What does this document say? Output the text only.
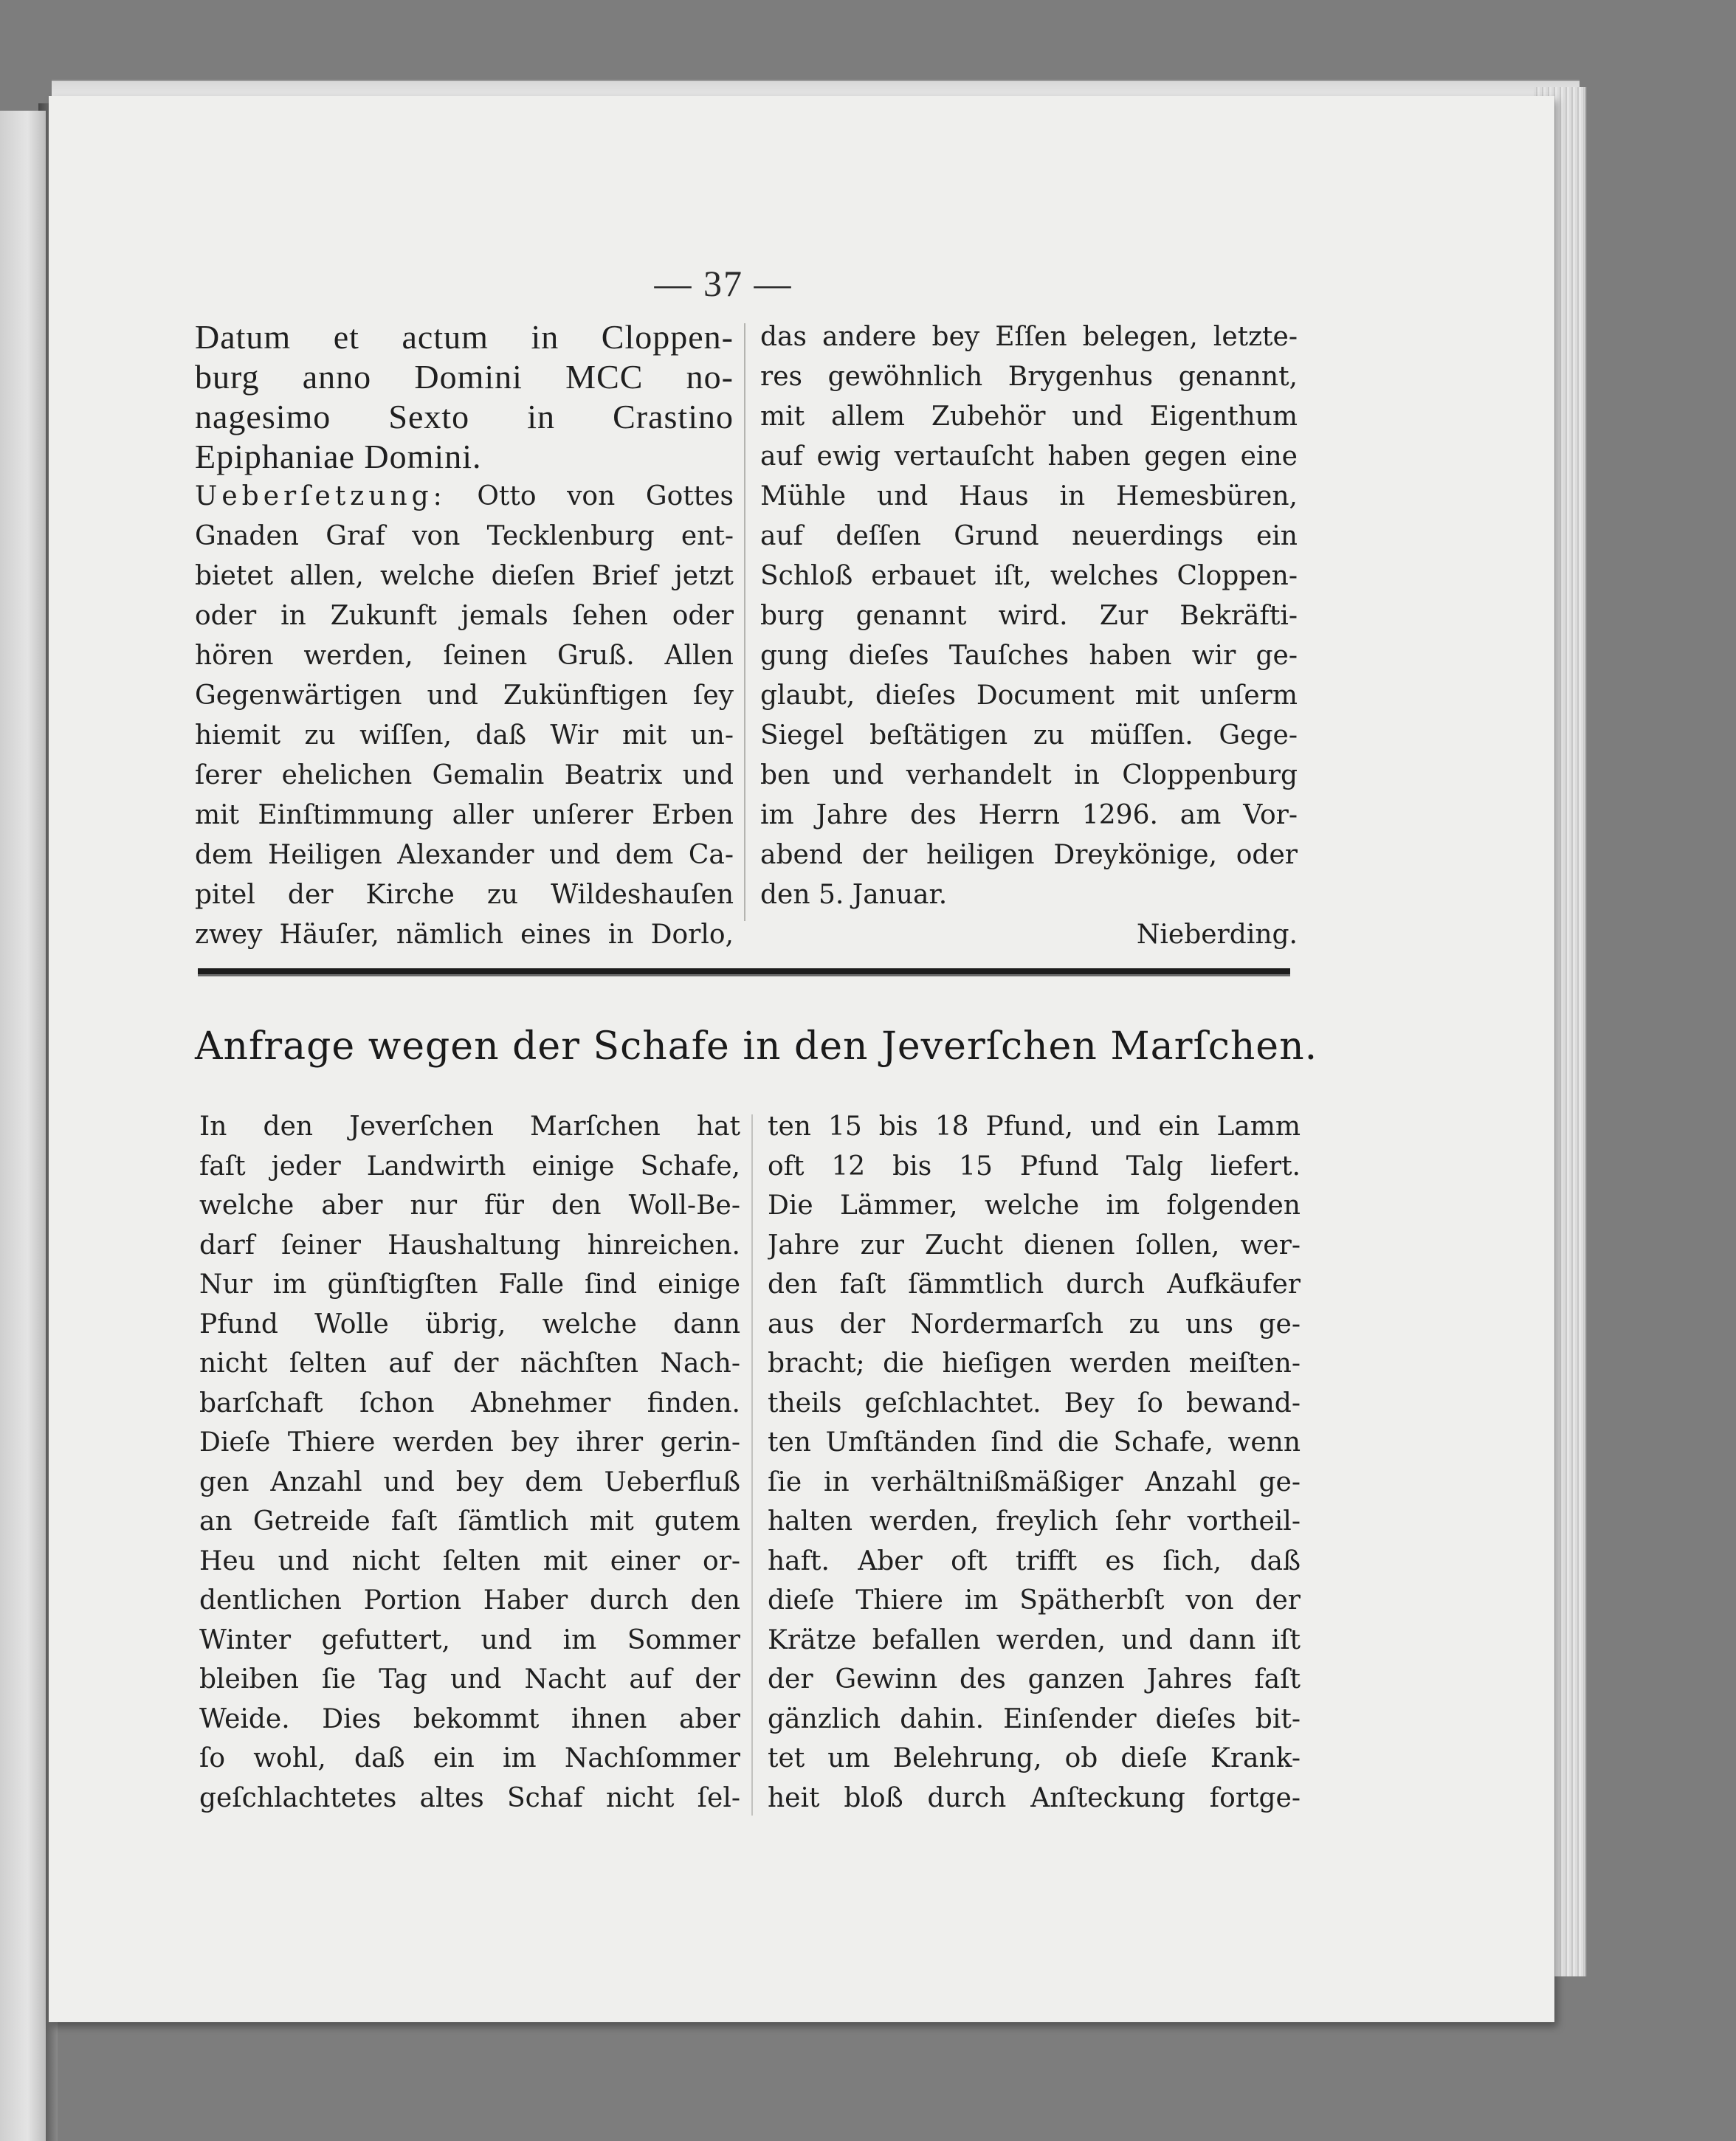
— 37 —
Datum et actum in Cloppen-
burg anno Domini MCC no-
nagesimo Sexto in Crastino
Epiphaniae Domini.
Ueberſetzung: Otto von Gottes
Gnaden Graf von Tecklenburg ent-
bietet allen, welche dieſen Brief jetzt
oder in Zukunft jemals ſehen oder
hören werden, ſeinen Gruß. Allen
Gegenwärtigen und Zukünftigen ſey
hiemit zu wiſſen, daß Wir mit un-
ſerer ehelichen Gemalin Beatrix und
mit Einſtimmung aller unſerer Erben
dem Heiligen Alexander und dem Ca-
pitel der Kirche zu Wildeshauſen
zwey Häuſer, nämlich eines in Dorlo,
das andere bey Eſſen belegen, letzte-
res gewöhnlich Brygenhus genannt,
mit allem Zubehör und Eigenthum
auf ewig vertauſcht haben gegen eine
Mühle und Haus in Hemesbüren,
auf deſſen Grund neuerdings ein
Schloß erbauet iſt, welches Cloppen-
burg genannt wird. Zur Bekräfti-
gung dieſes Tauſches haben wir ge-
glaubt, dieſes Document mit unſerm
Siegel beſtätigen zu müſſen. Gege-
ben und verhandelt in Cloppenburg
im Jahre des Herrn 1296. am Vor-
abend der heiligen Dreykönige, oder
den 5. Januar.
Nieberding.
Anfrage wegen der Schafe in den Jeverſchen Marſchen.
In den Jeverſchen Marſchen hat
faſt jeder Landwirth einige Schafe,
welche aber nur für den Woll-Be-
darf ſeiner Haushaltung hinreichen.
Nur im günſtigſten Falle ſind einige
Pfund Wolle übrig, welche dann
nicht ſelten auf der nächſten Nach-
barſchaft ſchon Abnehmer finden.
Dieſe Thiere werden bey ihrer gerin-
gen Anzahl und bey dem Ueberfluß
an Getreide faſt ſämtlich mit gutem
Heu und nicht ſelten mit einer or-
dentlichen Portion Haber durch den
Winter gefuttert, und im Sommer
bleiben ſie Tag und Nacht auf der
Weide. Dies bekommt ihnen aber
ſo wohl, daß ein im Nachſommer
geſchlachtetes altes Schaf nicht ſel-
ten 15 bis 18 Pfund, und ein Lamm
oft 12 bis 15 Pfund Talg liefert.
Die Lämmer, welche im folgenden
Jahre zur Zucht dienen ſollen, wer-
den faſt ſämmtlich durch Aufkäufer
aus der Nordermarſch zu uns ge-
bracht; die hieſigen werden meiſten-
theils geſchlachtet. Bey ſo bewand-
ten Umſtänden ſind die Schafe, wenn
ſie in verhältnißmäßiger Anzahl ge-
halten werden, freylich ſehr vortheil-
haft. Aber oft trifft es ſich, daß
dieſe Thiere im Spätherbſt von der
Krätze befallen werden, und dann iſt
der Gewinn des ganzen Jahres faſt
gänzlich dahin. Einſender dieſes bit-
tet um Belehrung, ob dieſe Krank-
heit bloß durch Anſteckung fortge-
